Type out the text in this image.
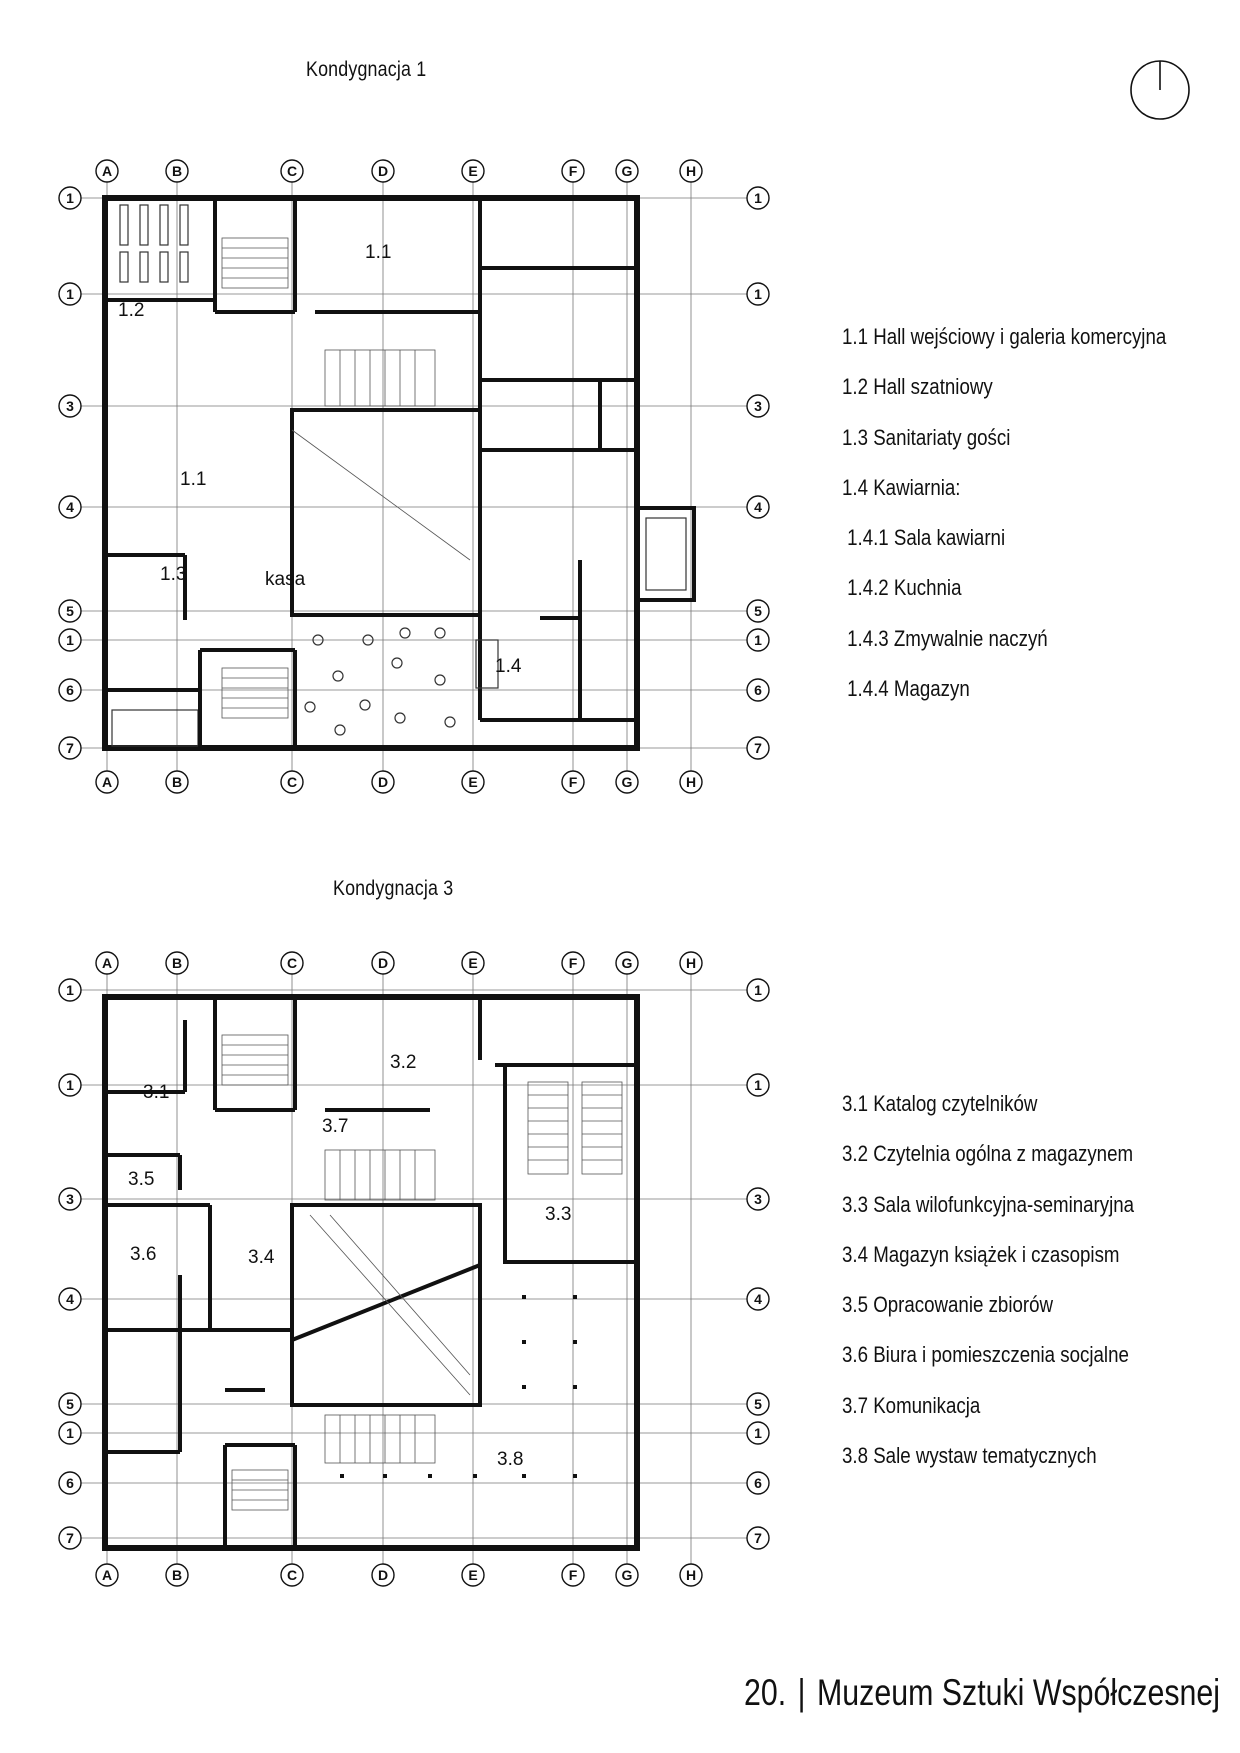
Kondygnacja 1
Kondygnacja 3
1.1 Hall wejściowy i galeria komercyjna
1.2 Hall szatniowy
1.3 Sanitariaty gości
1.4 Kawiarnia:
1.4.1 Sala kawiarni
1.4.2 Kuchnia
1.4.3 Zmywalnie naczyń
1.4.4 Magazyn
3.1 Katalog czytelników
3.2 Czytelnia ogólna z magazynem
3.3 Sala wilofunkcyjna-seminaryjna
3.4 Magazyn książek i czasopism
3.5 Opracowanie zbiorów
3.6 Biura i pomieszczenia socjalne
3.7 Komunikacja
3.8 Sale wystaw tematycznych
20. | Muzeum Sztuki Współczesnej
A
A
B
B
C
C
D
D
E
E
F
F
G
G
H
H
1	1
1	1
3	3
4	4
5	5
1	1
6	6
7	7
1.1
1.2
1.1
1.3	kasa
1.4
A
A
B
B
C
C
D
D
E
E
F
F
G
G
H
H
1	1
1	1
3	3
4	4
5	5
1	1
6	6
7	7
3.1
3.2
3.7
3.5
3.3
3.6	3.4
3.8
